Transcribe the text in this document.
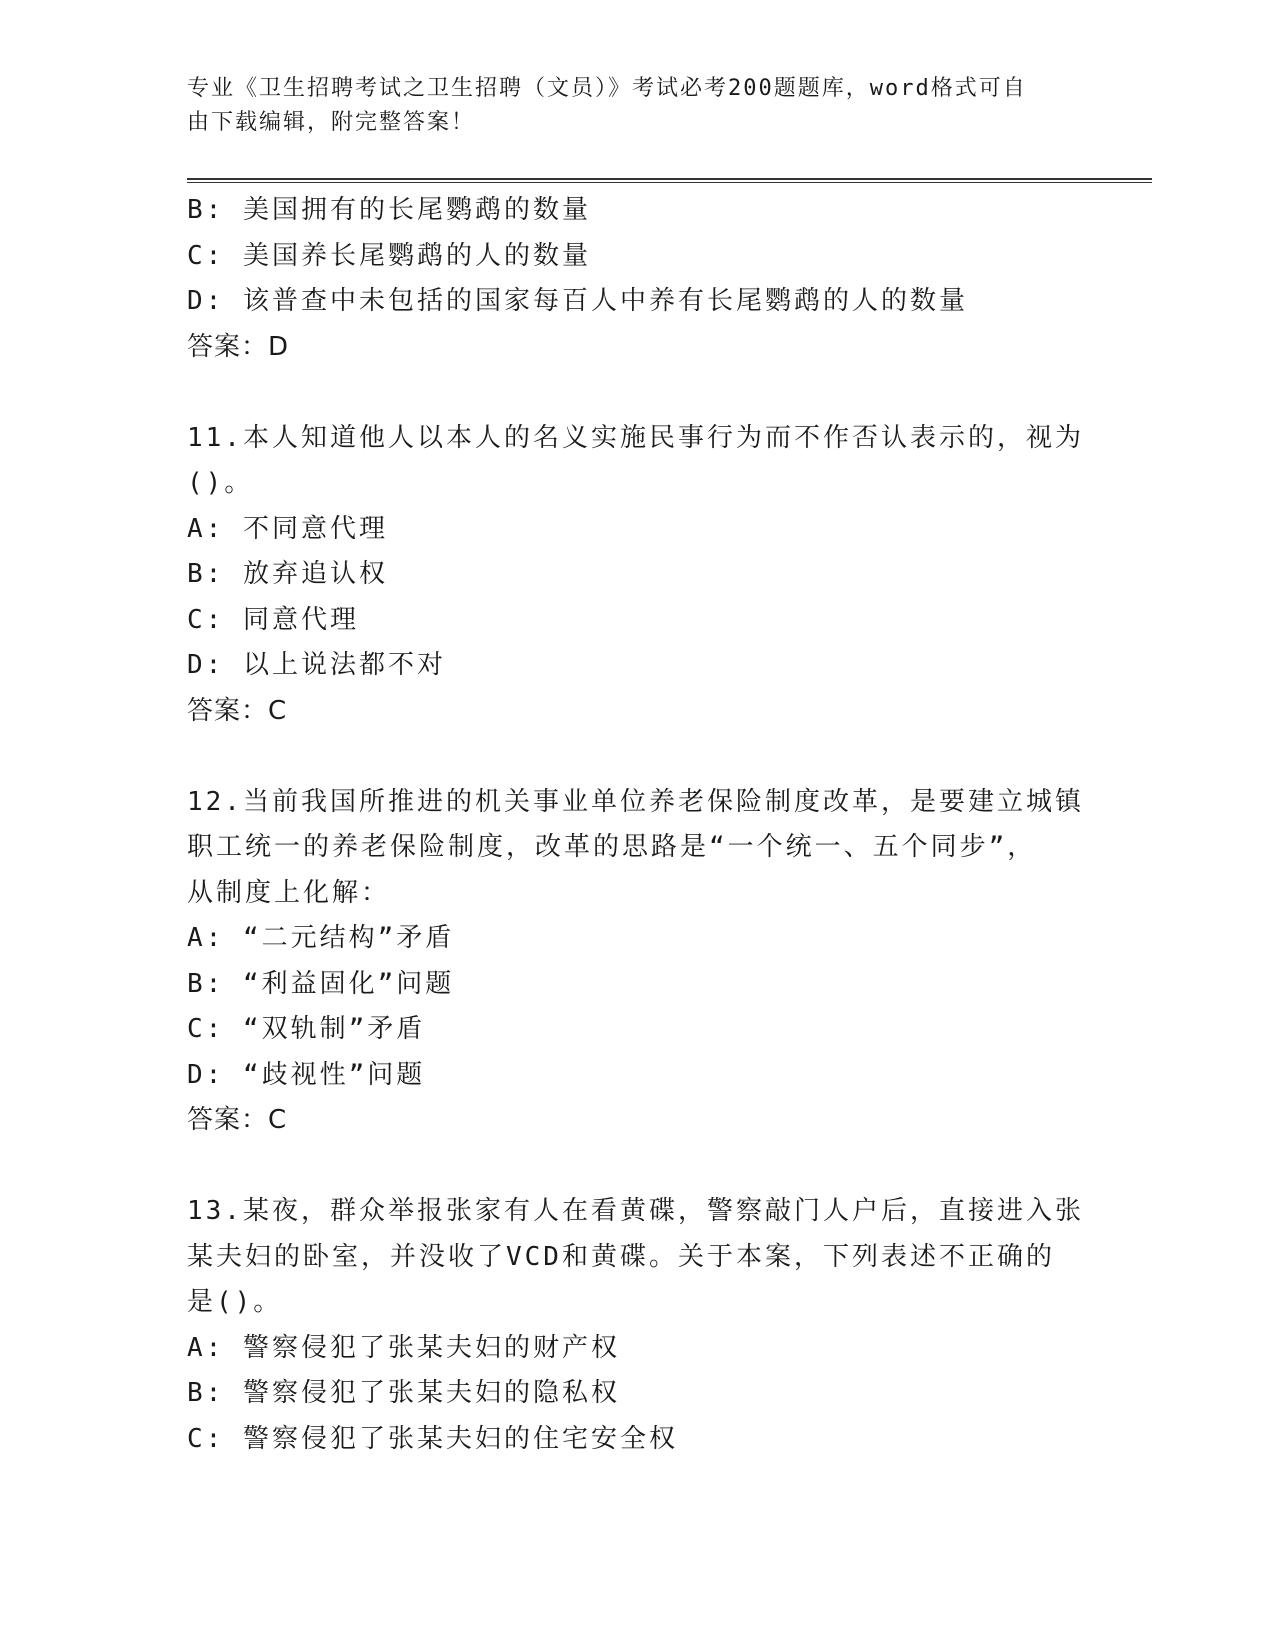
专业《卫生招聘考试之卫生招聘（文员）》考试必考200题题库，word格式可自
由下载编辑，附完整答案！

B: 美国拥有的长尾鹦鹉的数量

C: 美国养长尾鹦鹉的人的数量

D: 该普查中未包括的国家每百人中养有长尾鹦鹉的人的数量

答案：D

11.本人知道他人以本人的名义实施民事行为而不作否认表示的，视为

()。

A: 不同意代理

B: 放弃追认权

C: 同意代理

D: 以上说法都不对

答案：C

12.当前我国所推进的机关事业单位养老保险制度改革，是要建立城镇

职工统一的养老保险制度，改革的思路是“一个统一、五个同步”，

从制度上化解：

A: “二元结构”矛盾

B: “利益固化”问题

C: “双轨制”矛盾

D: “歧视性”问题

答案：C

13.某夜，群众举报张家有人在看黄碟，警察敲门人户后，直接进入张

某夫妇的卧室，并没收了VCD和黄碟。关于本案，下列表述不正确的

是()。

A: 警察侵犯了张某夫妇的财产权

B: 警察侵犯了张某夫妇的隐私权

C: 警察侵犯了张某夫妇的住宅安全权
